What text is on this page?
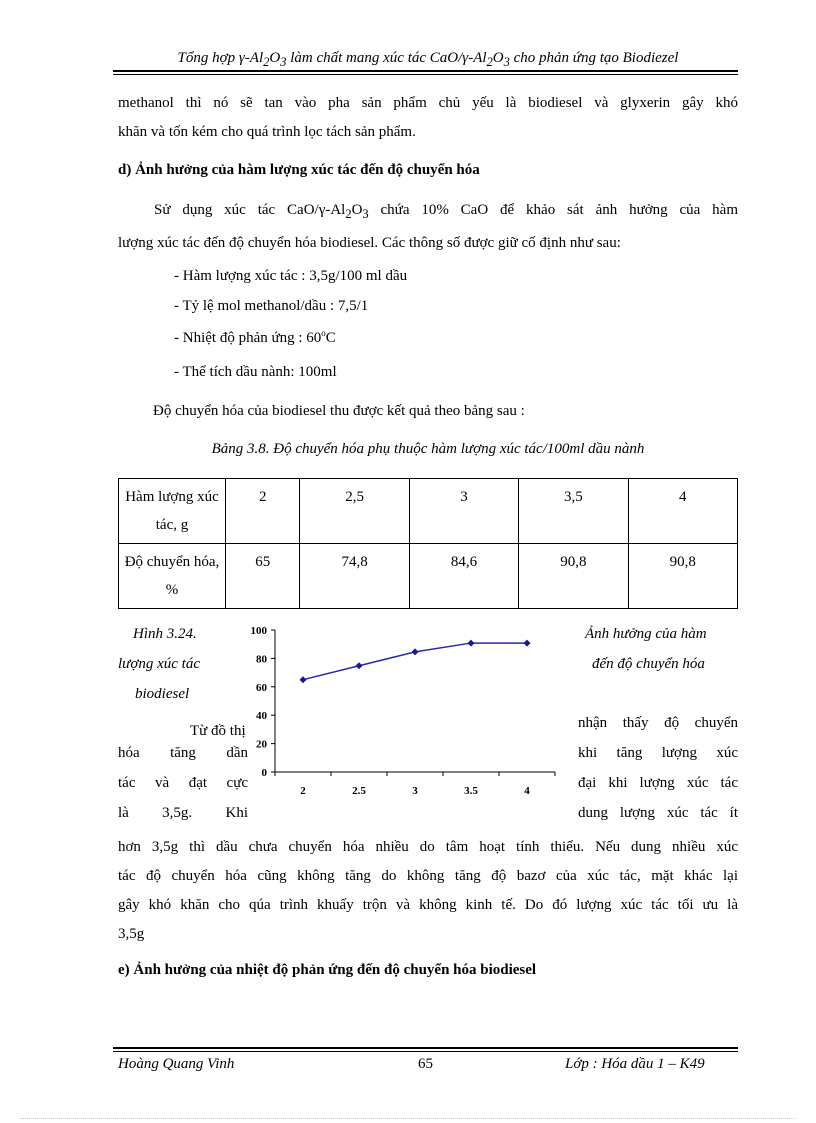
Tổng hợp $\gamma-Al_2O_3$ làm chất mang xúc tác CaO/$\gamma-Al_2O_3$ cho phản ứng tạo Biodiezel
methanol thì nó sẽ tan vào pha sản phẩm chủ yếu là biodiesel và glyxerin gây khó
khăn và tốn kém cho quá trình lọc tách sản phẩm.
d) Ảnh hưởng của hàm lượng xúc tác đến độ chuyển hóa
Sử dụng xúc tác CaO/$\gamma-Al_2O_3$ chứa 10% CaO để khảo sát ảnh hưởng của hàm
lượng xúc tác đến độ chuyển hóa biodiesel. Các thông số được giữ cố định như sau:
- Hàm lượng xúc tác : 3,5g/100 ml dầu
- Tỷ lệ mol methanol/dầu : 7,5/1
- Nhiệt độ phản ứng : 60$^o$C
- Thể tích dầu nành: 100ml
Độ chuyển hóa của biodiesel thu được kết quả theo bảng sau :
Bảng 3.8. Độ chuyển hóa phụ thuộc hàm lượng xúc tác/100ml dầu nành
Hàm lượng xúc tác, g	2	2,5	3	3,5	4
Độ chuyển hóa, %	65	74,8	84,6	90,8	90,8
Hình 3.24.	Ảnh hưởng của hàm
lượng xúc tác	đến độ chuyển hóa
biodiesel
0
20
40
60
80
100
2	2.5	3	3.5	4
Từ đồ thị	nhận thấy độ chuyển
hóa tăng dần	khi tăng lượng xúc
tác và đạt cực	đại khi lượng xúc tác
là 3,5g. Khi	dung lượng xúc tác ít
hơn 3,5g thì dầu chưa chuyển hóa nhiều do tâm hoạt tính thiếu. Nếu dung nhiều xúc
tác độ chuyển hóa cũng không tăng do không tăng độ bazơ của xúc tác, mặt khác lại
gây khó khăn cho qúa trình khuấy trộn và không kinh tế. Do đó lượng xúc tác tối ưu là
3,5g
e) Ảnh hưởng của nhiệt độ phản ứng đến độ chuyển hóa biodiesel
Hoàng Quang Vinh	65	Lớp : Hóa dầu 1 – K49
